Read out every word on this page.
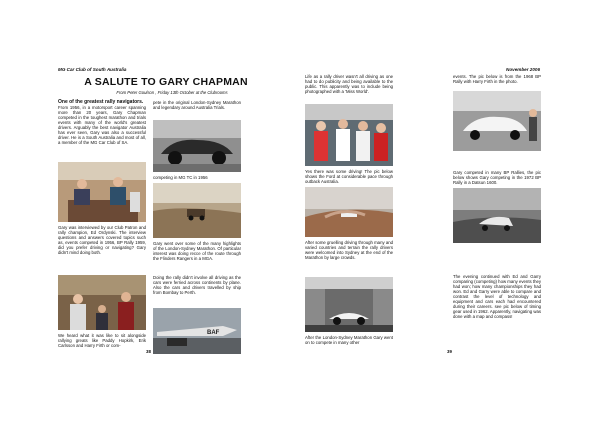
MG Car Club of South Australia
A SALUTE TO GARY CHAPMAN
From Peter Goulson , Friday 13th October at the Clubrooms
One of the greatest rally navigators.
From 1956, in a motorsport career spanning more than 20 years, Gary Chapman competed in the toughest marathon and trials events with many of the world's greatest drivers. Arguably the best navigator Australia has ever seen, Gary was also a successful driver. He is a South Australia and most of all, a member of the MG Car Club of SA.
Gary was interviewed by our Club Patron and rally champion, Ed Ordynski. The interview questions and answers covered topics such as, events competed in 1956, BP Rally 1959, did you prefer driving or navigating? Gary didn't mind doing both.
We heard what it was like to sit alongside rallying greats like Paddy Hopkirk, Erik Carlsson and Harry Firth or com-
38
pete in the original London-Sydney Marathon and legendary around Australia Trials.
competing in MG TC in 1956
Gary went over some of the many highlights of the London-Sydney Marathon. Of particular interest was doing recce of the route through the Flinders Rangers in a MGA.
Doing the rally didn't involve all driving as the cars were ferried across continents by plane. Also the cars and drivers travelled by ship from Bombay to Perth.
BAF
November 2006
Life as a rally driver wasn't all driving as one had to do publicity and being available to the public. This apparently was to include being photographed with a 'Miss World'.
Yes there was some driving! The pic below shows the Ford at considerable pace through outback Australia.
After some gruelling driving through many and varied countries and terrain the rally drivers were welcomed into Sydney at the end of the Marathon by large crowds.
After the London-Sydney Marathon Gary went on to compete in many other
39
events. The pic below is from the 1968 BP Rally with Harry Firth in the photo.
Gary competed in many BP Rallies, the pic below shows Gary competing in the 1972 BP Rally in a Datsun 1600.
The evening continued with Ed and Garry comparing (competing) how many events they had won; how many championships they had won. Ed and Garry were able to compare and contrast the level of technology and equipment and cars each had encountered during their careers. see pic below of timing gear used in 1962. Apparently, navigating was done with a map and compass!
